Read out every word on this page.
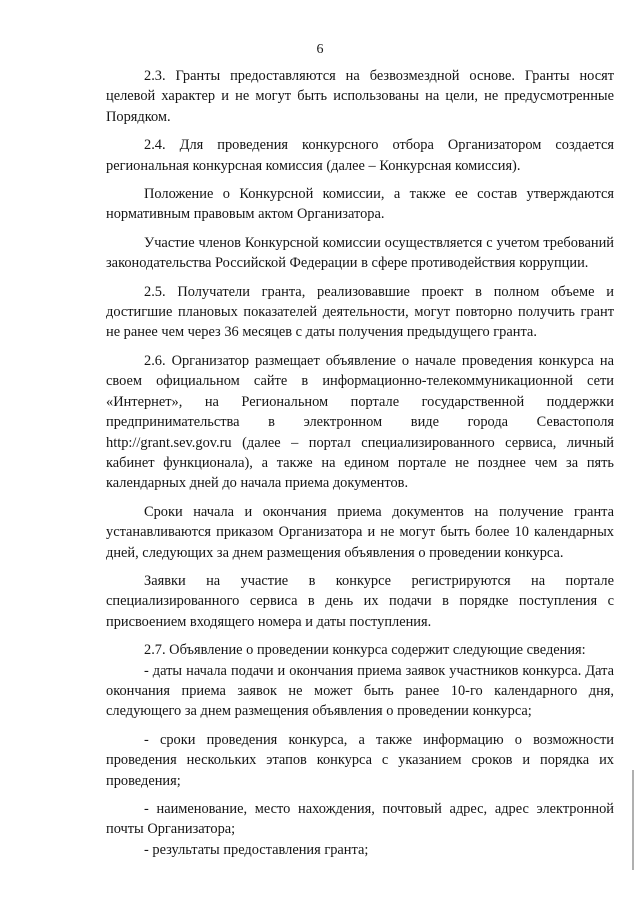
6

2.3. Гранты предоставляются на безвозмездной основе. Гранты носят целевой характер и не могут быть использованы на цели, не предусмотренные Порядком.

2.4. Для проведения конкурсного отбора Организатором создается региональная конкурсная комиссия (далее – Конкурсная комиссия).

Положение о Конкурсной комиссии, а также ее состав утверждаются нормативным правовым актом Организатора.

Участие членов Конкурсной комиссии осуществляется с учетом требований законодательства Российской Федерации в сфере противодействия коррупции.

2.5. Получатели гранта, реализовавшие проект в полном объеме и достигшие плановых показателей деятельности, могут повторно получить грант не ранее чем через 36 месяцев с даты получения предыдущего гранта.

2.6. Организатор размещает объявление о начале проведения конкурса на своем официальном сайте в информационно-телекоммуникационной сети «Интернет», на Региональном портале государственной поддержки предпринимательства в электронном виде города Севастополя http://grant.sev.gov.ru (далее – портал специализированного сервиса, личный кабинет функционала), а также на едином портале не позднее чем за пять календарных дней до начала приема документов.

Сроки начала и окончания приема документов на получение гранта устанавливаются приказом Организатора и не могут быть более 10 календарных дней, следующих за днем размещения объявления о проведении конкурса.

Заявки на участие в конкурсе регистрируются на портале специализированного сервиса в день их подачи в порядке поступления с присвоением входящего номера и даты поступления.

2.7. Объявление о проведении конкурса содержит следующие сведения:

- даты начала подачи и окончания приема заявок участников конкурса. Дата окончания приема заявок не может быть ранее 10-го календарного дня, следующего за днем размещения объявления о проведении конкурса;

- сроки проведения конкурса, а также информацию о возможности проведения нескольких этапов конкурса с указанием сроков и порядка их проведения;

- наименование, место нахождения, почтовый адрес, адрес электронной почты Организатора;

- результаты предоставления гранта;
